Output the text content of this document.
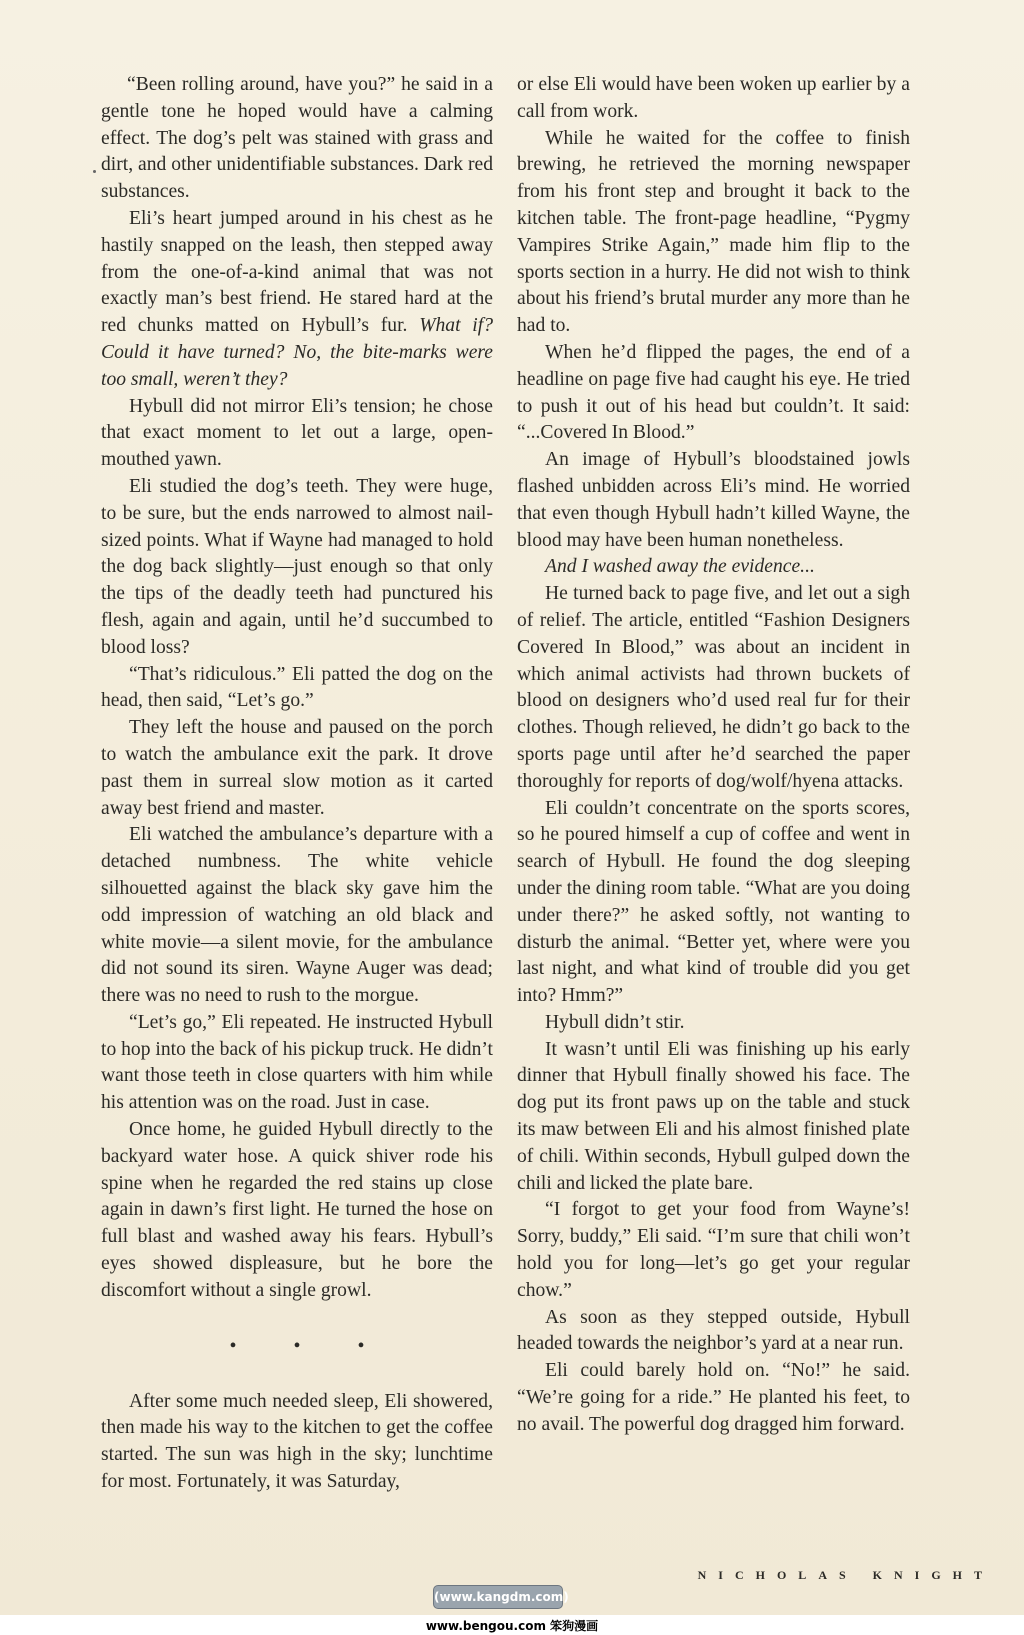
“Been rolling around, have you?” he said in a gentle tone he hoped would have a calming effect. The dog’s pelt was stained with grass and dirt, and other unidentifiable substances. Dark red substances.

Eli’s heart jumped around in his chest as he hastily snapped on the leash, then stepped away from the one-of-a-kind animal that was not exactly man’s best friend. He stared hard at the red chunks matted on Hybull’s fur. What if? Could it have turned? No, the bite-marks were too small, weren’t they?

Hybull did not mirror Eli’s tension; he chose that exact moment to let out a large, open-mouthed yawn.

Eli studied the dog’s teeth. They were huge, to be sure, but the ends narrowed to almost nail-sized points. What if Wayne had managed to hold the dog back slightly—just enough so that only the tips of the deadly teeth had punctured his flesh, again and again, until he’d succumbed to blood loss?

“That’s ridiculous.” Eli patted the dog on the head, then said, “Let’s go.”

They left the house and paused on the porch to watch the ambulance exit the park. It drove past them in surreal slow motion as it carted away best friend and master.

Eli watched the ambulance’s departure with a detached numbness. The white vehicle silhouetted against the black sky gave him the odd impression of watching an old black and white movie—a silent movie, for the ambulance did not sound its siren. Wayne Auger was dead; there was no need to rush to the morgue.

“Let’s go,” Eli repeated. He instructed Hybull to hop into the back of his pickup truck. He didn’t want those teeth in close quarters with him while his attention was on the road. Just in case.

Once home, he guided Hybull directly to the backyard water hose. A quick shiver rode his spine when he regarded the red stains up close again in dawn’s first light. He turned the hose on full blast and washed away his fears. Hybull’s eyes showed displeasure, but he bore the discomfort without a single growl.

• • •

After some much needed sleep, Eli showered, then made his way to the kitchen to get the coffee started. The sun was high in the sky; lunchtime for most. Fortunately, it was Saturday,

or else Eli would have been woken up earlier by a call from work.

While he waited for the coffee to finish brewing, he retrieved the morning newspaper from his front step and brought it back to the kitchen table. The front-page headline, “Pygmy Vampires Strike Again,” made him flip to the sports section in a hurry. He did not wish to think about his friend’s brutal murder any more than he had to.

When he’d flipped the pages, the end of a headline on page five had caught his eye. He tried to push it out of his head but couldn’t. It said: “...Covered In Blood.”

An image of Hybull’s bloodstained jowls flashed unbidden across Eli’s mind. He worried that even though Hybull hadn’t killed Wayne, the blood may have been human nonetheless.

And I washed away the evidence...

He turned back to page five, and let out a sigh of relief. The article, entitled “Fashion Designers Covered In Blood,” was about an incident in which animal activists had thrown buckets of blood on designers who’d used real fur for their clothes. Though relieved, he didn’t go back to the sports page until after he’d searched the paper thoroughly for reports of dog/wolf/hyena attacks.

Eli couldn’t concentrate on the sports scores, so he poured himself a cup of coffee and went in search of Hybull. He found the dog sleeping under the dining room table. “What are you doing under there?” he asked softly, not wanting to disturb the animal. “Better yet, where were you last night, and what kind of trouble did you get into? Hmm?”

Hybull didn’t stir.

It wasn’t until Eli was finishing up his early dinner that Hybull finally showed his face. The dog put its front paws up on the table and stuck its maw between Eli and his almost finished plate of chili. Within seconds, Hybull gulped down the chili and licked the plate bare.

“I forgot to get your food from Wayne’s! Sorry, buddy,” Eli said. “I’m sure that chili won’t hold you for long—let’s go get your regular chow.”

As soon as they stepped outside, Hybull headed towards the neighbor’s yard at a near run.

Eli could barely hold on. “No!” he said. “We’re going for a ride.” He planted his feet, to no avail. The powerful dog dragged him forward.

NICHOLAS KNIGHT
(www.kangdm.com)
www.bengou.com 笨狗漫画
